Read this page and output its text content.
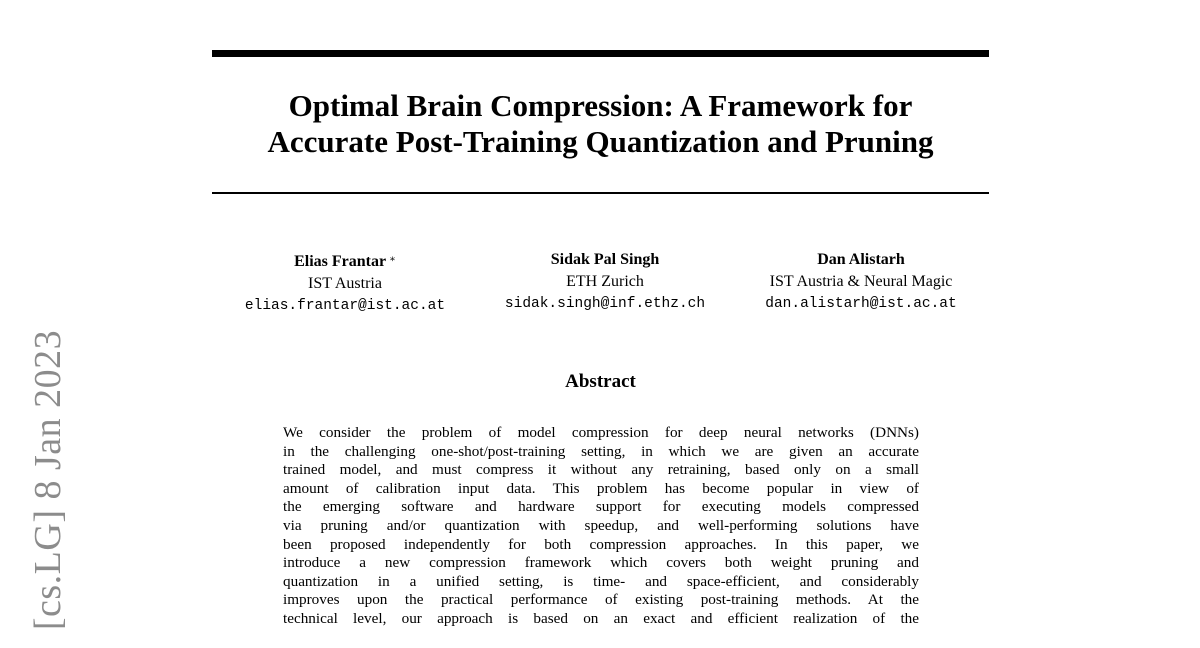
Optimal Brain Compression: A Framework for
Accurate Post-Training Quantization and Pruning
Elias Frantar ∗
IST Austria
elias.frantar@ist.ac.at
Sidak Pal Singh
ETH Zurich
sidak.singh@inf.ethz.ch
Dan Alistarh
IST Austria & Neural Magic
dan.alistarh@ist.ac.at
Abstract
We consider the problem of model compression for deep neural networks (DNNs)
in the challenging one-shot/post-training setting, in which we are given an accurate
trained model, and must compress it without any retraining, based only on a small
amount of calibration input data. This problem has become popular in view of
the emerging software and hardware support for executing models compressed
via pruning and/or quantization with speedup, and well-performing solutions have
been proposed independently for both compression approaches. In this paper, we
introduce a new compression framework which covers both weight pruning and
quantization in a unified setting, is time- and space-efficient, and considerably
improves upon the practical performance of existing post-training methods. At the
technical level, our approach is based on an exact and efficient realization of the
[cs.LG] 8 Jan 2023
